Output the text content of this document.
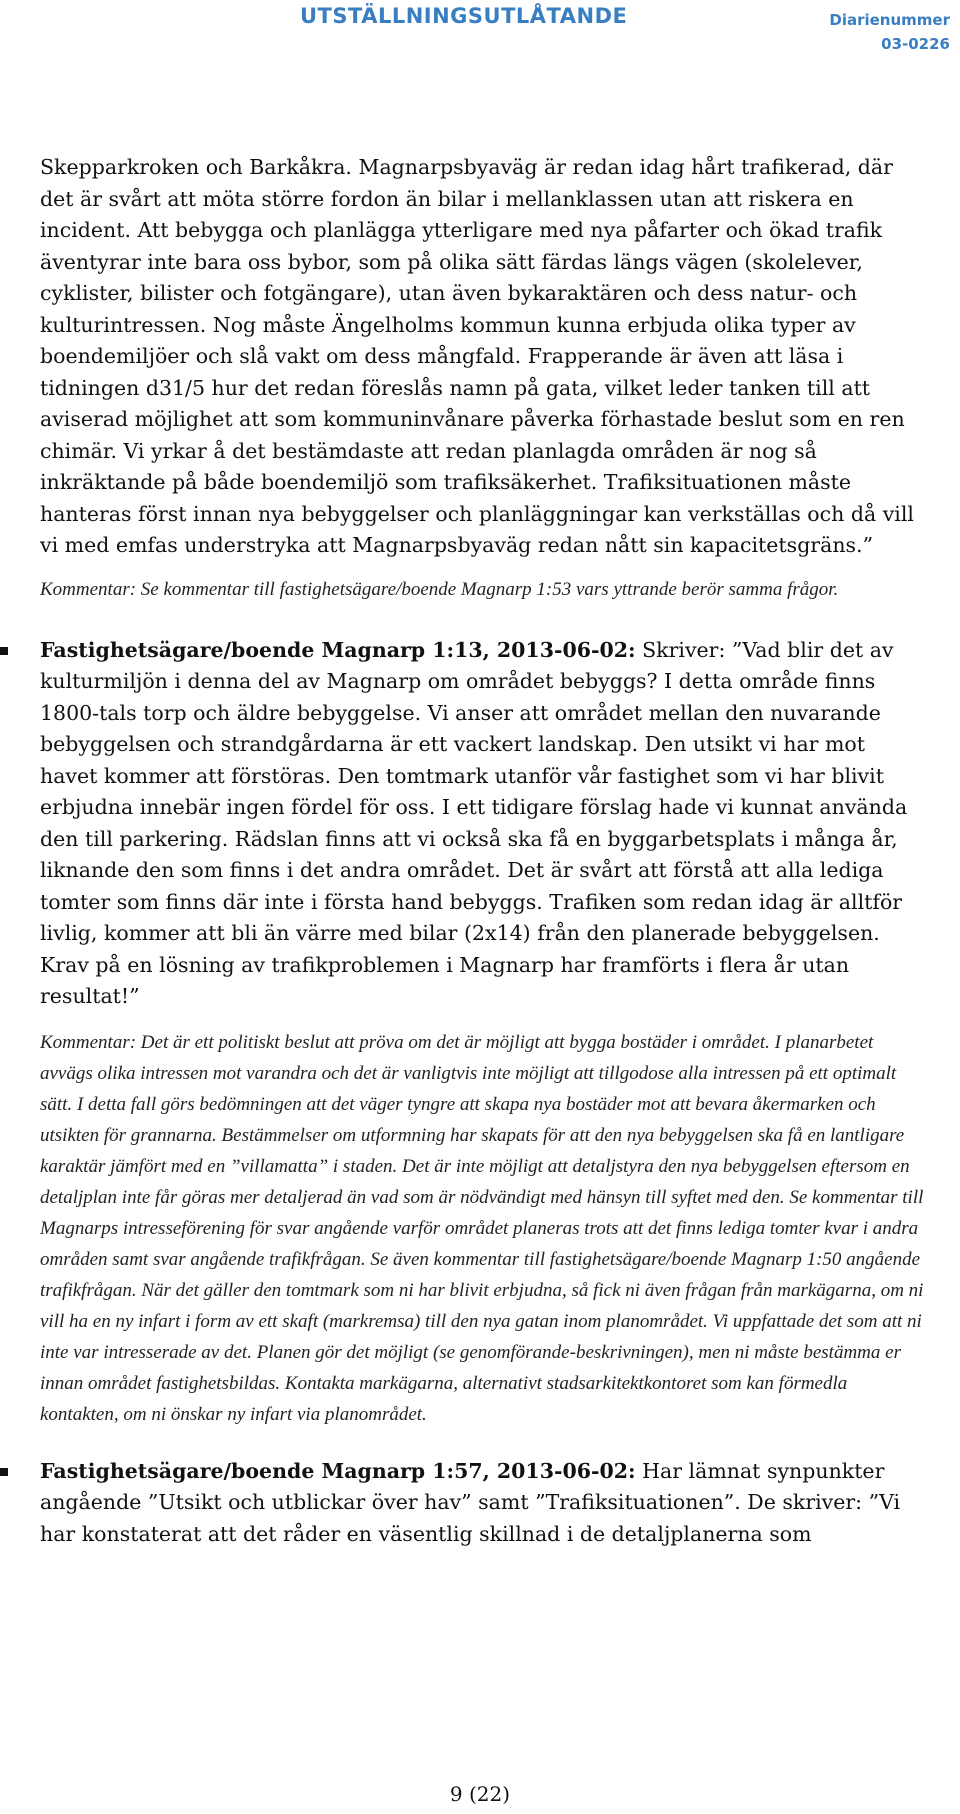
UTSTÄLLNINGSUTLÅTANDE	Diarienummer
03-0226

Skepparkroken och Barkåkra. Magnarpsbyaväg är redan idag hårt trafikerad, där det är svårt att möta större fordon än bilar i mellanklassen utan att riskera en incident. Att bebygga och planlägga ytterligare med nya påfarter och ökad trafik äventyrar inte bara oss bybor, som på olika sätt färdas längs vägen (skolelever, cyklister, bilister och fotgängare), utan även bykaraktären och dess natur- och kulturintressen. Nog måste Ängelholms kommun kunna erbjuda olika typer av boendemiljöer och slå vakt om dess mångfald. Frapperande är även att läsa i tidningen d31/5 hur det redan föreslås namn på gata, vilket leder tanken till att aviserad möjlighet att som kommuninvånare påverka förhastade beslut som en ren chimär. Vi yrkar å det bestämdaste att redan planlagda områden är nog så inkräktande på både boendemiljö som trafiksäkerhet. Trafiksituationen måste hanteras först innan nya bebyggelser och planläggningar kan verkställas och då vill vi med emfas understryka att Magnarpsbyaväg redan nått sin kapacitetsgräns.”

Kommentar: Se kommentar till fastighetsägare/boende Magnarp 1:53 vars yttrande berör samma frågor.

Fastighetsägare/boende Magnarp 1:13, 2013-06-02: Skriver: ”Vad blir det av kulturmiljön i denna del av Magnarp om området bebyggs? I detta område finns 1800-tals torp och äldre bebyggelse. Vi anser att området mellan den nuvarande bebyggelsen och strandgårdarna är ett vackert landskap. Den utsikt vi har mot havet kommer att förstöras. Den tomtmark utanför vår fastighet som vi har blivit erbjudna innebär ingen fördel för oss. I ett tidigare förslag hade vi kunnat använda den till parkering. Rädslan finns att vi också ska få en byggarbetsplats i många år, liknande den som finns i det andra området. Det är svårt att förstå att alla lediga tomter som finns där inte i första hand bebyggs. Trafiken som redan idag är alltför livlig, kommer att bli än värre med bilar (2x14) från den planerade bebyggelsen. Krav på en lösning av trafikproblemen i Magnarp har framförts i flera år utan resultat!”

Kommentar: Det är ett politiskt beslut att pröva om det är möjligt att bygga bostäder i området. I planarbetet avvägs olika intressen mot varandra och det är vanligtvis inte möjligt att tillgodose alla intressen på ett optimalt sätt. I detta fall görs bedömningen att det väger tyngre att skapa nya bostäder mot att bevara åkermarken och utsikten för grannarna. Bestämmelser om utformning har skapats för att den nya bebyggelsen ska få en lantligare karaktär jämfört med en ”villamatta” i staden. Det är inte möjligt att detaljstyra den nya bebyggelsen eftersom en detaljplan inte får göras mer detaljerad än vad som är nödvändigt med hänsyn till syftet med den. Se kommentar till Magnarps intresseförening för svar angående varför området planeras trots att det finns lediga tomter kvar i andra områden samt svar angående trafikfrågan. Se även kommentar till fastighetsägare/boende Magnarp 1:50 angående trafikfrågan. När det gäller den tomtmark som ni har blivit erbjudna, så fick ni även frågan från markägarna, om ni vill ha en ny infart i form av ett skaft (markremsa) till den nya gatan inom planområdet. Vi uppfattade det som att ni inte var intresserade av det. Planen gör det möjligt (se genomförande-beskrivningen), men ni måste bestämma er innan området fastighetsbildas. Kontakta markägarna, alternativt stadsarkitektkontoret som kan förmedla kontakten, om ni önskar ny infart via planområdet.

Fastighetsägare/boende Magnarp 1:57, 2013-06-02: Har lämnat synpunkter angående ”Utsikt och utblickar över hav” samt ”Trafiksituationen”. De skriver: ”Vi har konstaterat att det råder en väsentlig skillnad i de detaljplanerna som

9 (22)
